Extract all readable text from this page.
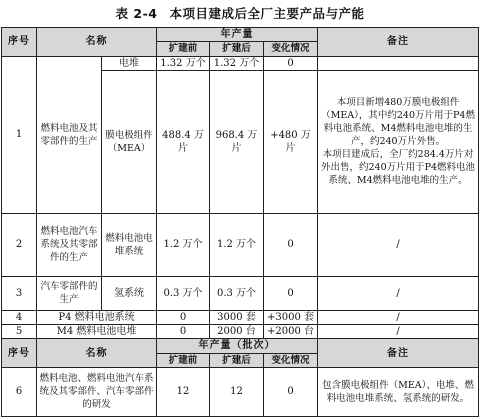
表 2-4 本项目建成后全厂主要产品与产能
序号	名称		年产量			备注
			扩建前	扩建后	变化情况	
1	燃料电池及其零部件的生产	电堆	1.32 万个	1.32 万个	0	
		膜电极组件（MEA）	488.4 万片	968.4 万片	+480 万片	本项目新增480万膜电极组件（MEA），其中约240万片用于P4燃料电池系统、M4燃料电池电堆的生产，约240万片外售。
本项目建成后，全厂约284.4万片对外出售，约240万片用于P4燃料电池系统、M4燃料电池电堆的生产。
2	燃料电池汽车系统及其零部件的生产	燃料电池电堆系统	1.2 万个	1.2 万个	0	/
3	汽车零部件的生产	氢系统	0.3 万个	0.3 万个	0	/
4	P4 燃料电池系统		0	3000 套	+3000 套	/
5	M4 燃料电池电堆		0	2000 台	+2000 台	/
序号	名称		年产量（批次）			备注
			扩建前	扩建后	变化情况	
6	燃料电池、燃料电池汽车系统及其零部件、汽车零部件的研发		12	12	0	包含膜电极组件（MEA）、电堆、燃料电池电堆系统、氢系统的研发。
